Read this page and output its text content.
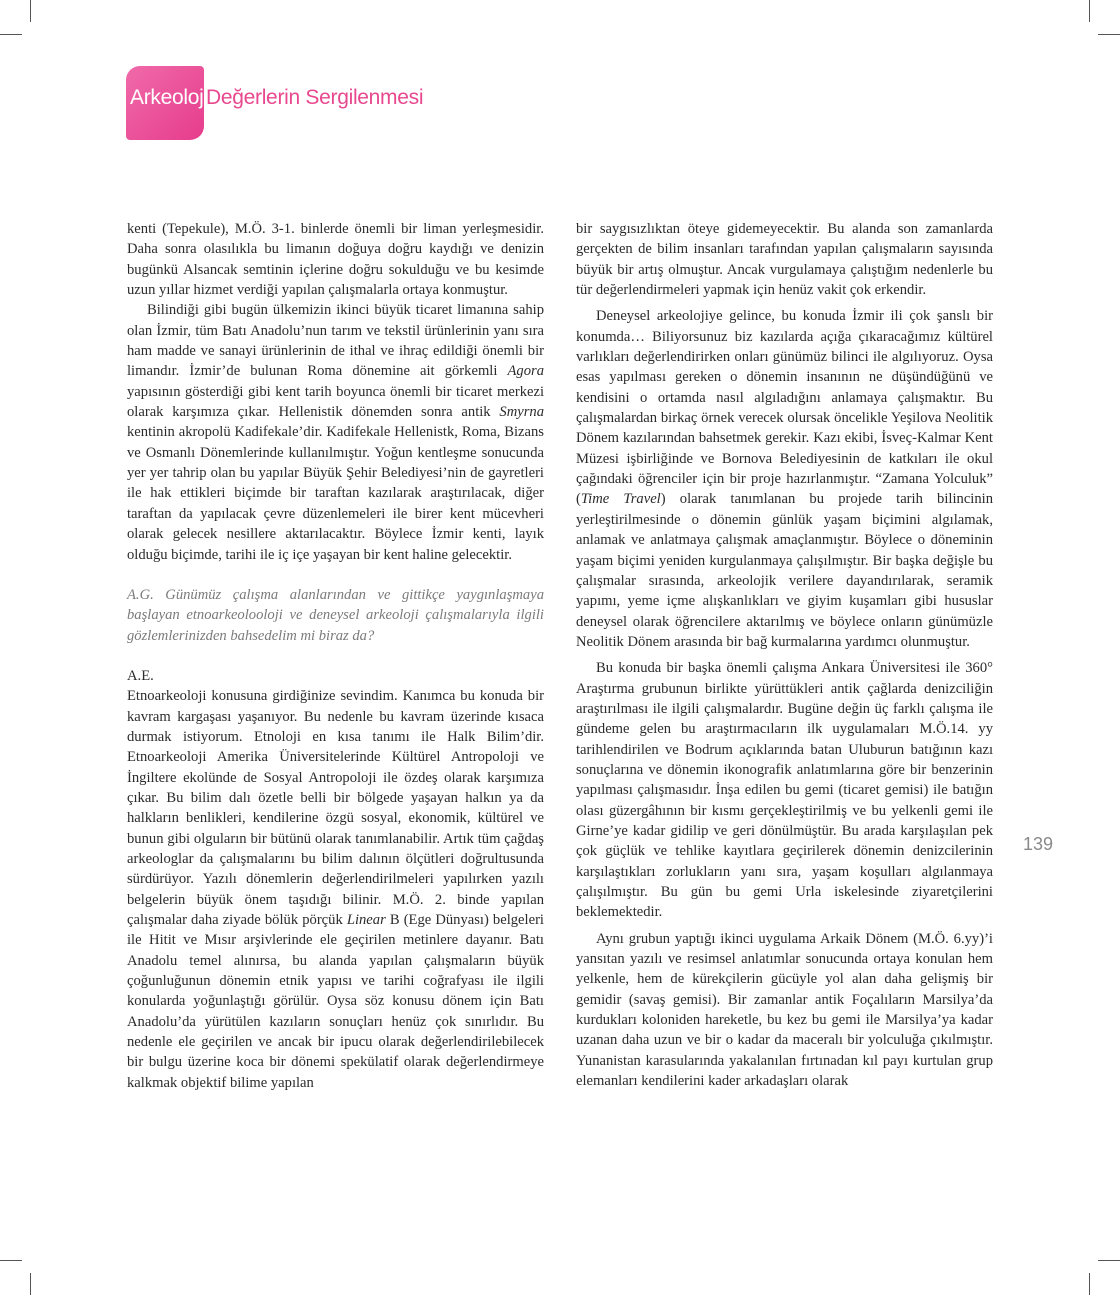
Arkeolojik
Değerlerin Sergilenmesi

kenti (Tepekule), M.Ö. 3-1. binlerde önemli bir liman yerleşmesidir. Daha sonra olasılıkla bu limanın doğuya doğru kaydığı ve denizin bugünkü Alsancak semtinin içlerine doğru sokulduğu ve bu kesimde uzun yıllar hizmet verdiği yapılan çalışmalarla ortaya konmuştur.

Bilindiği gibi bugün ülkemizin ikinci büyük ticaret limanına sahip olan İzmir, tüm Batı Anadolu’nun tarım ve tekstil ürünlerinin yanı sıra ham madde ve sanayi ürünlerinin de ithal ve ihraç edildiği önemli bir limandır. İzmir’de bulunan Roma dönemine ait görkemli Agora yapısının gösterdiği gibi kent tarih boyunca önemli bir ticaret merkezi olarak karşımıza çıkar. Hellenistik dönemden sonra antik Smyrna kentinin akropolü Kadifekale’dir. Kadifekale Hellenistk, Roma, Bizans ve Osmanlı Dönemlerinde kullanılmıştır. Yoğun kentleşme sonucunda yer yer tahrip olan bu yapılar Büyük Şehir Belediyesi’nin de gayretleri ile hak ettikleri biçimde bir taraftan kazılarak araştırılacak, diğer taraftan da yapılacak çevre düzenlemeleri ile birer kent mücevheri olarak gelecek nesillere aktarılacaktır. Böylece İzmir kenti, layık olduğu biçimde, tarihi ile iç içe yaşayan bir kent haline gelecektir.

A.G. Günümüz çalışma alanlarından ve gittikçe yaygınlaşmaya başlayan etnoarkeolooloji ve deneysel arkeoloji çalışmalarıyla ilgili gözlemlerinizden bahsedelim mi biraz da?

A.E.

Etnoarkeoloji konusuna girdiğinize sevindim. Kanımca bu konuda bir kavram kargaşası yaşanıyor. Bu nedenle bu kavram üzerinde kısaca durmak istiyorum. Etnoloji en kısa tanımı ile Halk Bilim’dir. Etnoarkeoloji Amerika Üniversitelerinde Kültürel Antropoloji ve İngiltere ekolünde de Sosyal Antropoloji ile özdeş olarak karşımıza çıkar. Bu bilim dalı özetle belli bir bölgede yaşayan halkın ya da halkların benlikleri, kendilerine özgü sosyal, ekonomik, kültürel ve bunun gibi olguların bir bütünü olarak tanımlanabilir. Artık tüm çağdaş arkeologlar da çalışmalarını bu bilim dalının ölçütleri doğrultusunda sürdürüyor. Yazılı dönemlerin değerlendirilmeleri yapılırken yazılı belgelerin büyük önem taşıdığı bilinir. M.Ö. 2. binde yapılan çalışmalar daha ziyade bölük pörçük Linear B (Ege Dünyası) belgeleri ile Hitit ve Mısır arşivlerinde ele geçirilen metinlere dayanır. Batı Anadolu temel alınırsa, bu alanda yapılan çalışmaların büyük çoğunluğunun dönemin etnik yapısı ve tarihi coğrafyası ile ilgili konularda yoğunlaştığı görülür. Oysa söz konusu dönem için Batı Anadolu’da yürütülen kazıların sonuçları henüz çok sınırlıdır. Bu nedenle ele geçirilen ve ancak bir ipucu olarak değerlendirilebilecek bir bulgu üzerine koca bir dönemi spekülatif olarak değerlendirmeye kalkmak objektif bilime yapılan

bir saygısızlıktan öteye gidemeyecektir. Bu alanda son zamanlarda gerçekten de bilim insanları tarafından yapılan çalışmaların sayısında büyük bir artış olmuştur. Ancak vurgulamaya çalıştığım nedenlerle bu tür değerlendirmeleri yapmak için henüz vakit çok erkendir.

Deneysel arkeolojiye gelince, bu konuda İzmir ili çok şanslı bir konumda… Biliyorsunuz biz kazılarda açığa çıkaracağımız kültürel varlıkları değerlendirirken onları günümüz bilinci ile algılıyoruz. Oysa esas yapılması gereken o dönemin insanının ne düşündüğünü ve kendisini o ortamda nasıl algıladığını anlamaya çalışmaktır. Bu çalışmalardan birkaç örnek verecek olursak öncelikle Yeşilova Neolitik Dönem kazılarından bahsetmek gerekir. Kazı ekibi, İsveç-Kalmar Kent Müzesi işbirliğinde ve Bornova Belediyesinin de katkıları ile okul çağındaki öğrenciler için bir proje hazırlanmıştır. “Zamana Yolculuk” (Time Travel) olarak tanımlanan bu projede tarih bilincinin yerleştirilmesinde o dönemin günlük yaşam biçimini algılamak, anlamak ve anlatmaya çalışmak amaçlanmıştır. Böylece o döneminin yaşam biçimi yeniden kurgulanmaya çalışılmıştır. Bir başka değişle bu çalışmalar sırasında, arkeolojik verilere dayandırılarak, seramik yapımı, yeme içme alışkanlıkları ve giyim kuşamları gibi hususlar deneysel olarak öğrencilere aktarılmış ve böylece onların günümüzle Neolitik Dönem arasında bir bağ kurmalarına yardımcı olunmuştur.

Bu konuda bir başka önemli çalışma Ankara Üniversitesi ile 360° Araştırma grubunun birlikte yürüttükleri antik çağlarda denizciliğin araştırılması ile ilgili çalışmalardır. Bugüne değin üç farklı çalışma ile gündeme gelen bu araştırmacıların ilk uygulamaları M.Ö.14. yy tarihlendirilen ve Bodrum açıklarında batan Uluburun batığının kazı sonuçlarına ve dönemin ikonografik anlatımlarına göre bir benzerinin yapılması çalışmasıdır. İnşa edilen bu gemi (ticaret gemisi) ile batığın olası güzergâhının bir kısmı gerçekleştirilmiş ve bu yelkenli gemi ile Girne’ye kadar gidilip ve geri dönülmüştür. Bu arada karşılaşılan pek çok güçlük ve tehlike kayıtlara geçirilerek dönemin denizcilerinin karşılaştıkları zorlukların yanı sıra, yaşam koşulları algılanmaya çalışılmıştır. Bu gün bu gemi Urla iskelesinde ziyaretçilerini beklemektedir.

Aynı grubun yaptığı ikinci uygulama Arkaik Dönem (M.Ö. 6.yy)’i yansıtan yazılı ve resimsel anlatımlar sonucunda ortaya konulan hem yelkenle, hem de kürekçilerin gücüyle yol alan daha gelişmiş bir gemidir (savaş gemisi). Bir zamanlar antik Foçalıların Marsilya’da kurdukları koloniden hareketle, bu kez bu gemi ile Marsilya’ya kadar uzanan daha uzun ve bir o kadar da maceralı bir yolculuğa çıkılmıştır. Yunanistan karasularında yakalanılan fırtınadan kıl payı kurtulan grup elemanları kendilerini kader arkadaşları olarak

139
